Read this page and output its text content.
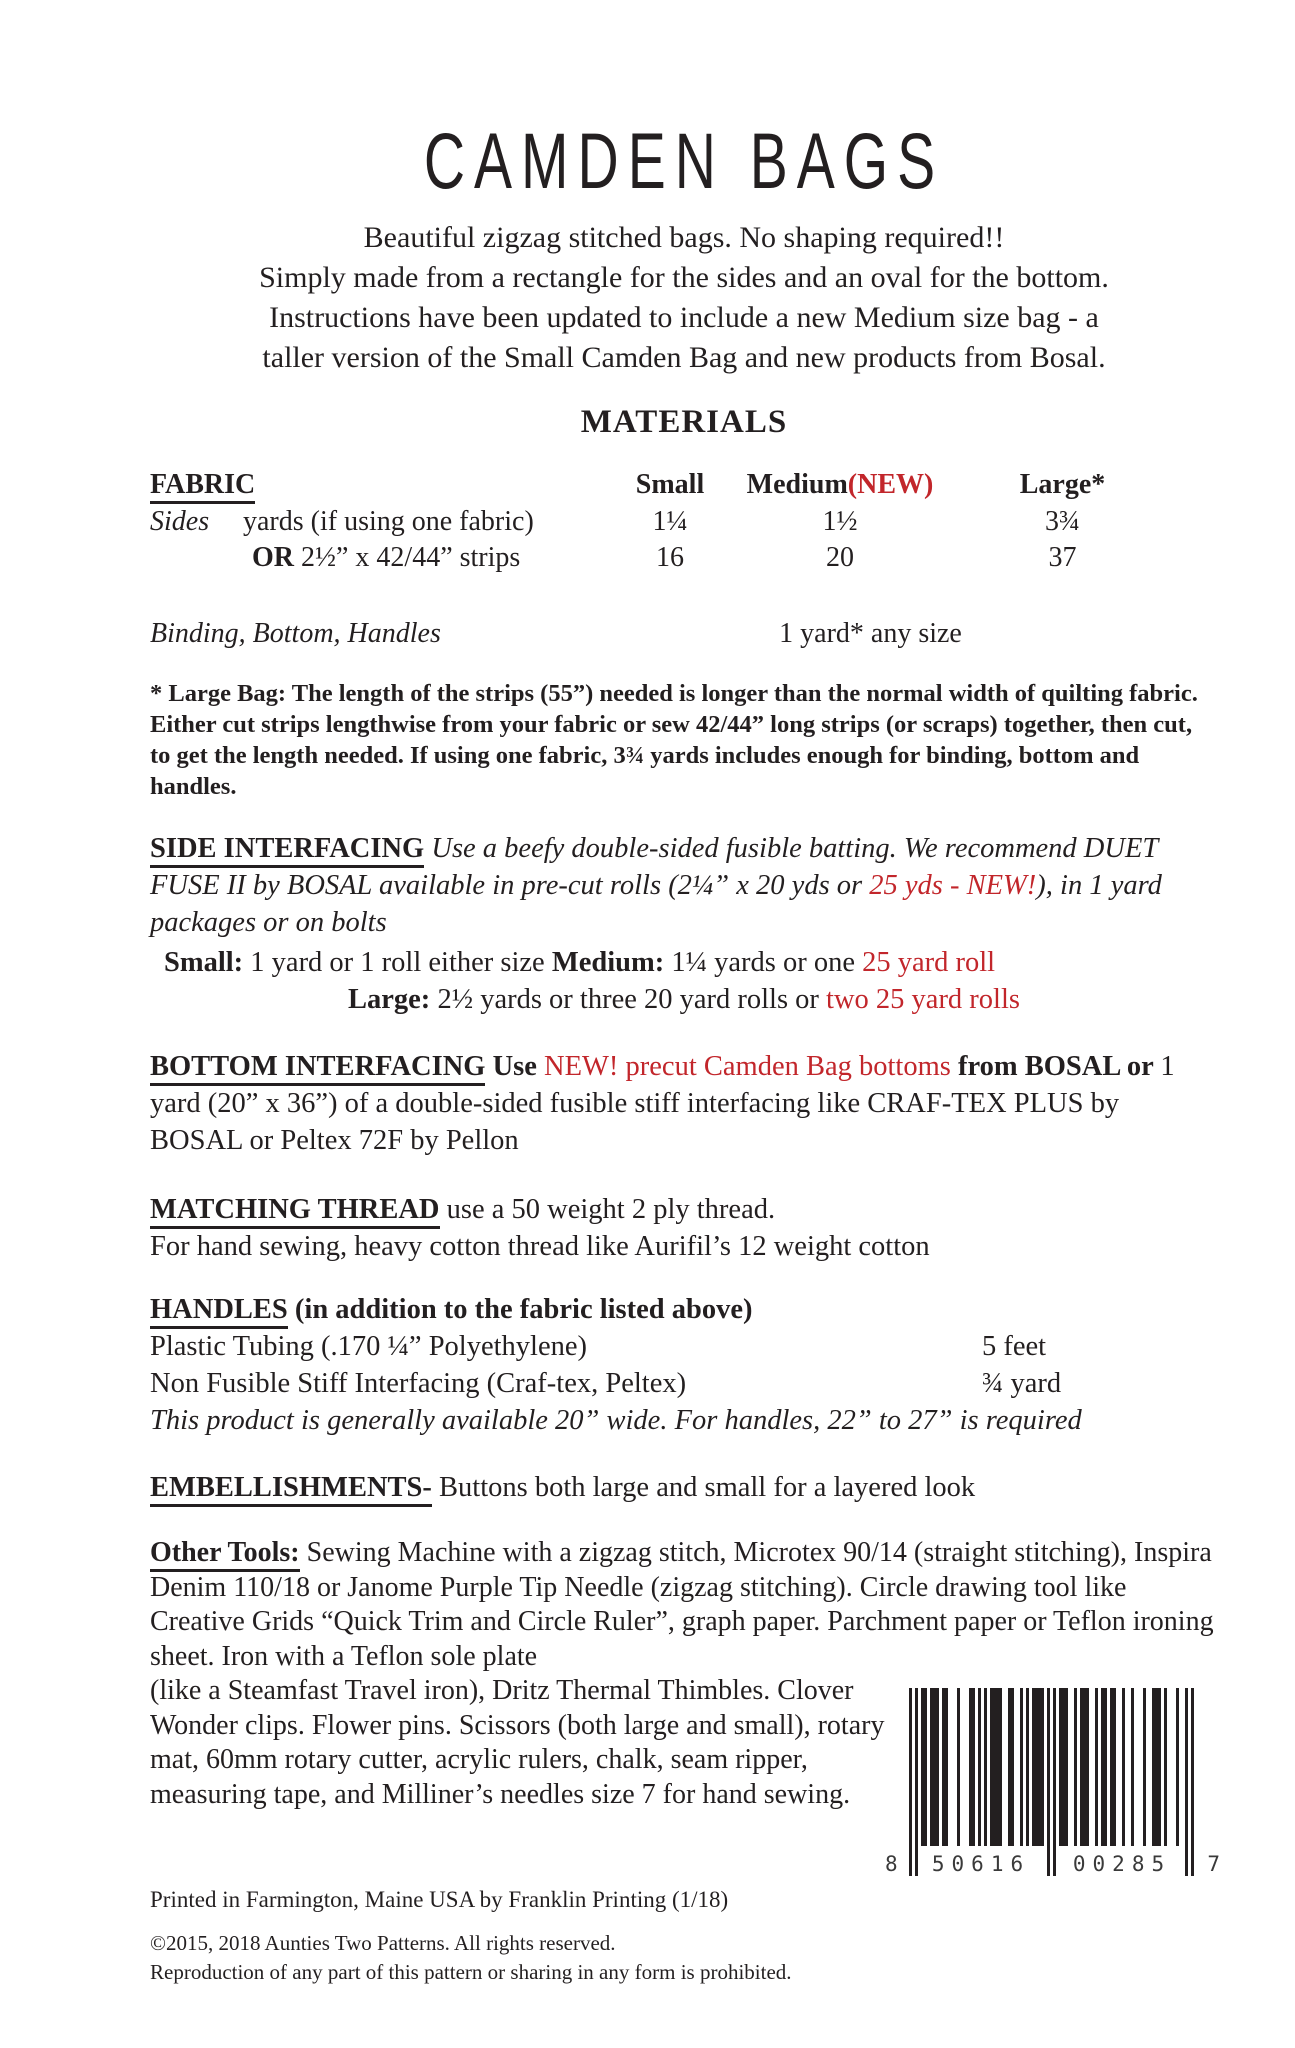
CAMDEN BAGS
Beautiful zigzag stitched bags. No shaping required!!
Simply made from a rectangle for the sides and an oval for the bottom.
Instructions have been updated to include a new Medium size bag - a
taller version of the Small Camden Bag and new products from Bosal.
MATERIALS
FABRIC	Small	Medium(NEW)	Large*
Sides yards (if using one fabric)	1¼	1½	3¾
OR 2½” x 42/44” strips	16	20	37
Binding, Bottom, Handles	1 yard* any size
* Large Bag: The length of the strips (55”) needed is longer than the normal width of quilting fabric. Either cut strips lengthwise from your fabric or sew 42/44” long strips (or scraps) together, then cut, to get the length needed. If using one fabric, 3¾ yards includes enough for binding, bottom and handles.
SIDE INTERFACING Use a beefy double-sided fusible batting. We recommend DUET FUSE II by BOSAL available in pre-cut rolls (2¼” x 20 yds or 25 yds - NEW!), in 1 yard packages or on bolts
Small: 1 yard or 1 roll either size Medium: 1¼ yards or one 25 yard roll
Large: 2½ yards or three 20 yard rolls or two 25 yard rolls
BOTTOM INTERFACING Use NEW! precut Camden Bag bottoms from BOSAL or 1 yard (20” x 36”) of a double-sided fusible stiff interfacing like CRAF-TEX PLUS by BOSAL or Peltex 72F by Pellon
MATCHING THREAD use a 50 weight 2 ply thread.
For hand sewing, heavy cotton thread like Aurifil’s 12 weight cotton
HANDLES (in addition to the fabric listed above)
Plastic Tubing (.170 ¼” Polyethylene)	5 feet
Non Fusible Stiff Interfacing (Craf-tex, Peltex)	¾ yard
This product is generally available 20” wide. For handles, 22” to 27” is required
EMBELLISHMENTS- Buttons both large and small for a layered look
Other Tools: Sewing Machine with a zigzag stitch, Microtex 90/14 (straight stitching), Inspira Denim 110/18 or Janome Purple Tip Needle (zigzag stitching). Circle drawing tool like Creative Grids “Quick Trim and Circle Ruler”, graph paper. Parchment paper or Teflon ironing sheet. Iron with a Teflon sole plate
(like a Steamfast Travel iron), Dritz Thermal Thimbles. Clover Wonder clips. Flower pins. Scissors (both large and small), rotary mat, 60mm rotary cutter, acrylic rulers, chalk, seam ripper, measuring tape, and Milliner’s needles size 7 for hand sewing.
50616 00285
8	7
Printed in Farmington, Maine USA by Franklin Printing (1/18)
©2015, 2018 Aunties Two Patterns. All rights reserved.
Reproduction of any part of this pattern or sharing in any form is prohibited.
